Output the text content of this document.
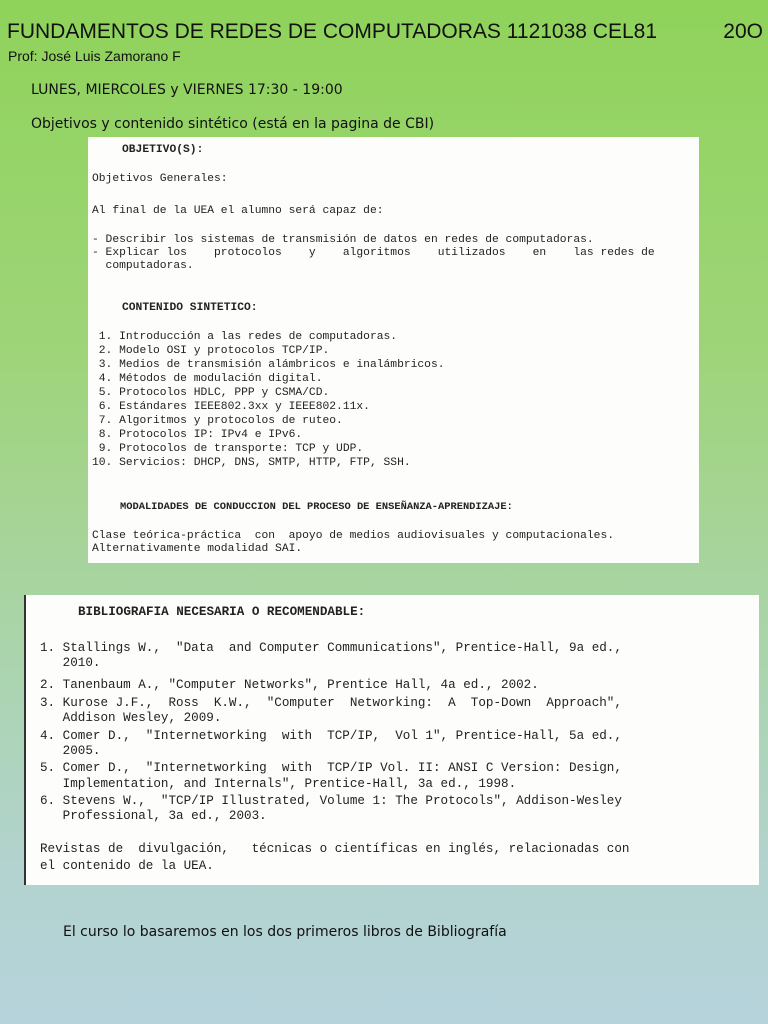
FUNDAMENTOS DE REDES DE COMPUTADORAS 1121038 CEL81	20O
Prof: José Luis Zamorano F
LUNES, MIERCOLES y VIERNES 17:30 - 19:00
Objetivos y contenido sintético (está en la pagina de CBI)
OBJETIVO(S):
Objetivos Generales:
Al final de la UEA el alumno será capaz de:
- Describir los sistemas de transmisión de datos en redes de computadoras.
- Explicar los    protocolos    y    algoritmos    utilizados    en    las redes de
computadoras.
CONTENIDO SINTETICO:
1. Introducción a las redes de computadoras.
2. Modelo OSI y protocolos TCP/IP.
3. Medios de transmisión alámbricos e inalámbricos.
4. Métodos de modulación digital.
5. Protocolos HDLC, PPP y CSMA/CD.
6. Estándares IEEE802.3xx y IEEE802.11x.
7. Algoritmos y protocolos de ruteo.
8. Protocolos IP: IPv4 e IPv6.
9. Protocolos de transporte: TCP y UDP.
10. Servicios: DHCP, DNS, SMTP, HTTP, FTP, SSH.
MODALIDADES DE CONDUCCION DEL PROCESO DE ENSEÑANZA-APRENDIZAJE:
Clase teórica-práctica  con  apoyo de medios audiovisuales y computacionales.
Alternativamente modalidad SAI.
BIBLIOGRAFIA NECESARIA O RECOMENDABLE:
1. Stallings W.,  "Data  and Computer Communications", Prentice-Hall, 9a ed.,
2010.
2. Tanenbaum A., "Computer Networks", Prentice Hall, 4a ed., 2002.
3. Kurose J.F.,  Ross  K.W.,  "Computer  Networking:  A  Top-Down  Approach",
Addison Wesley, 2009.
4. Comer D.,  "Internetworking  with  TCP/IP,  Vol 1", Prentice-Hall, 5a ed.,
2005.
5. Comer D.,  "Internetworking  with  TCP/IP Vol. II: ANSI C Version: Design,
Implementation, and Internals", Prentice-Hall, 3a ed., 1998.
6. Stevens W.,  "TCP/IP Illustrated, Volume 1: The Protocols", Addison-Wesley
Professional, 3a ed., 2003.
Revistas de  divulgación,   técnicas o científicas en inglés, relacionadas con
el contenido de la UEA.
El curso lo basaremos en los dos primeros libros de Bibliografía
